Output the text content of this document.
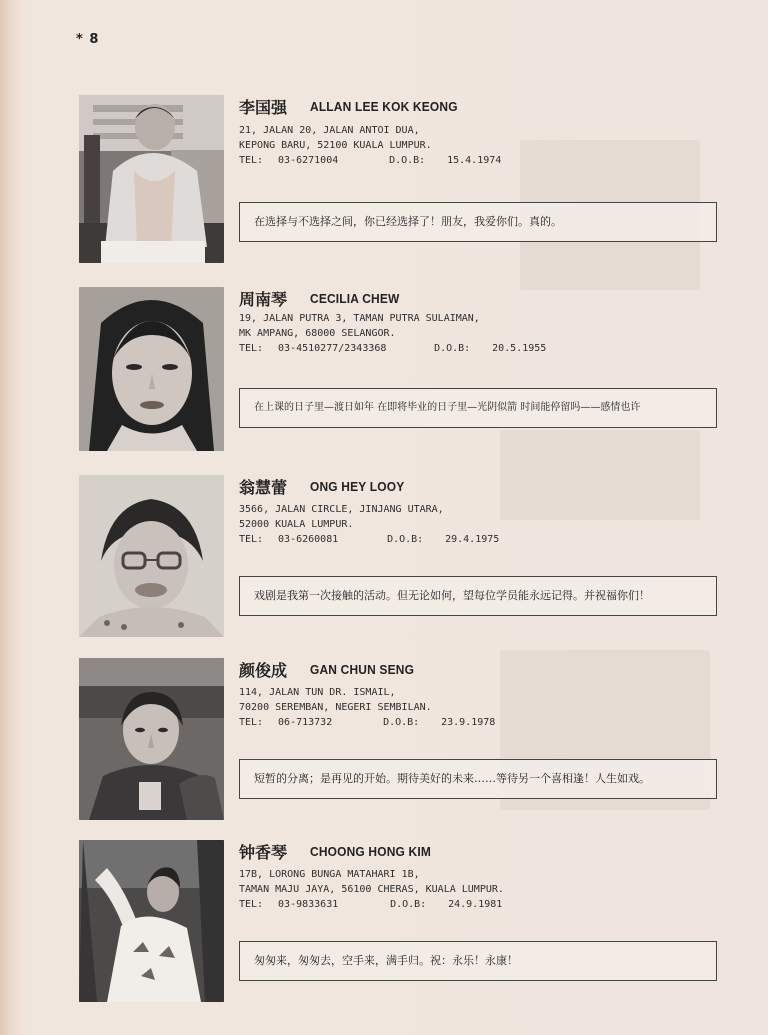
* 8
李国强 ALLAN LEE KOK KEONG
21, JALAN 20, JALAN ANTOI DUA,
KEPONG BARU, 52100 KUALA LUMPUR.
TEL: 03-6271004	D.O.B: 15.4.1974
在选择与不选择之间，你已经选择了！朋友，我爱你们。真的。
周南琴 CECILIA CHEW
19, JALAN PUTRA 3, TAMAN PUTRA SULAIMAN,
MK AMPANG, 68000 SELANGOR.
TEL: 03-4510277/2343368	D.O.B: 20.5.1955
在上课的日子里—渡日如年 在即将毕业的日子里—光阴似箭 时间能停留吗——感情也许
翁慧蕾 ONG HEY LOOY
3566, JALAN CIRCLE, JINJANG UTARA,
52000 KUALA LUMPUR.
TEL: 03-6260081	D.O.B: 29.4.1975
戏剧是我第一次接触的活动。但无论如何，望每位学员能永远记得。并祝福你们！
颜俊成 GAN CHUN SENG
114, JALAN TUN DR. ISMAIL,
70200 SEREMBAN, NEGERI SEMBILAN.
TEL: 06-713732	D.O.B: 23.9.1978
短暂的分离；是再见的开始。期待美好的未来……等待另一个喜相逢！人生如戏。
钟香琴 CHOONG HONG KIM
17B, LORONG BUNGA MATAHARI 1B,
TAMAN MAJU JAYA, 56100 CHERAS, KUALA LUMPUR.
TEL: 03-9833631	D.O.B: 24.9.1981
匆匆来，匆匆去，空手来，满手归。祝：永乐！永康！
